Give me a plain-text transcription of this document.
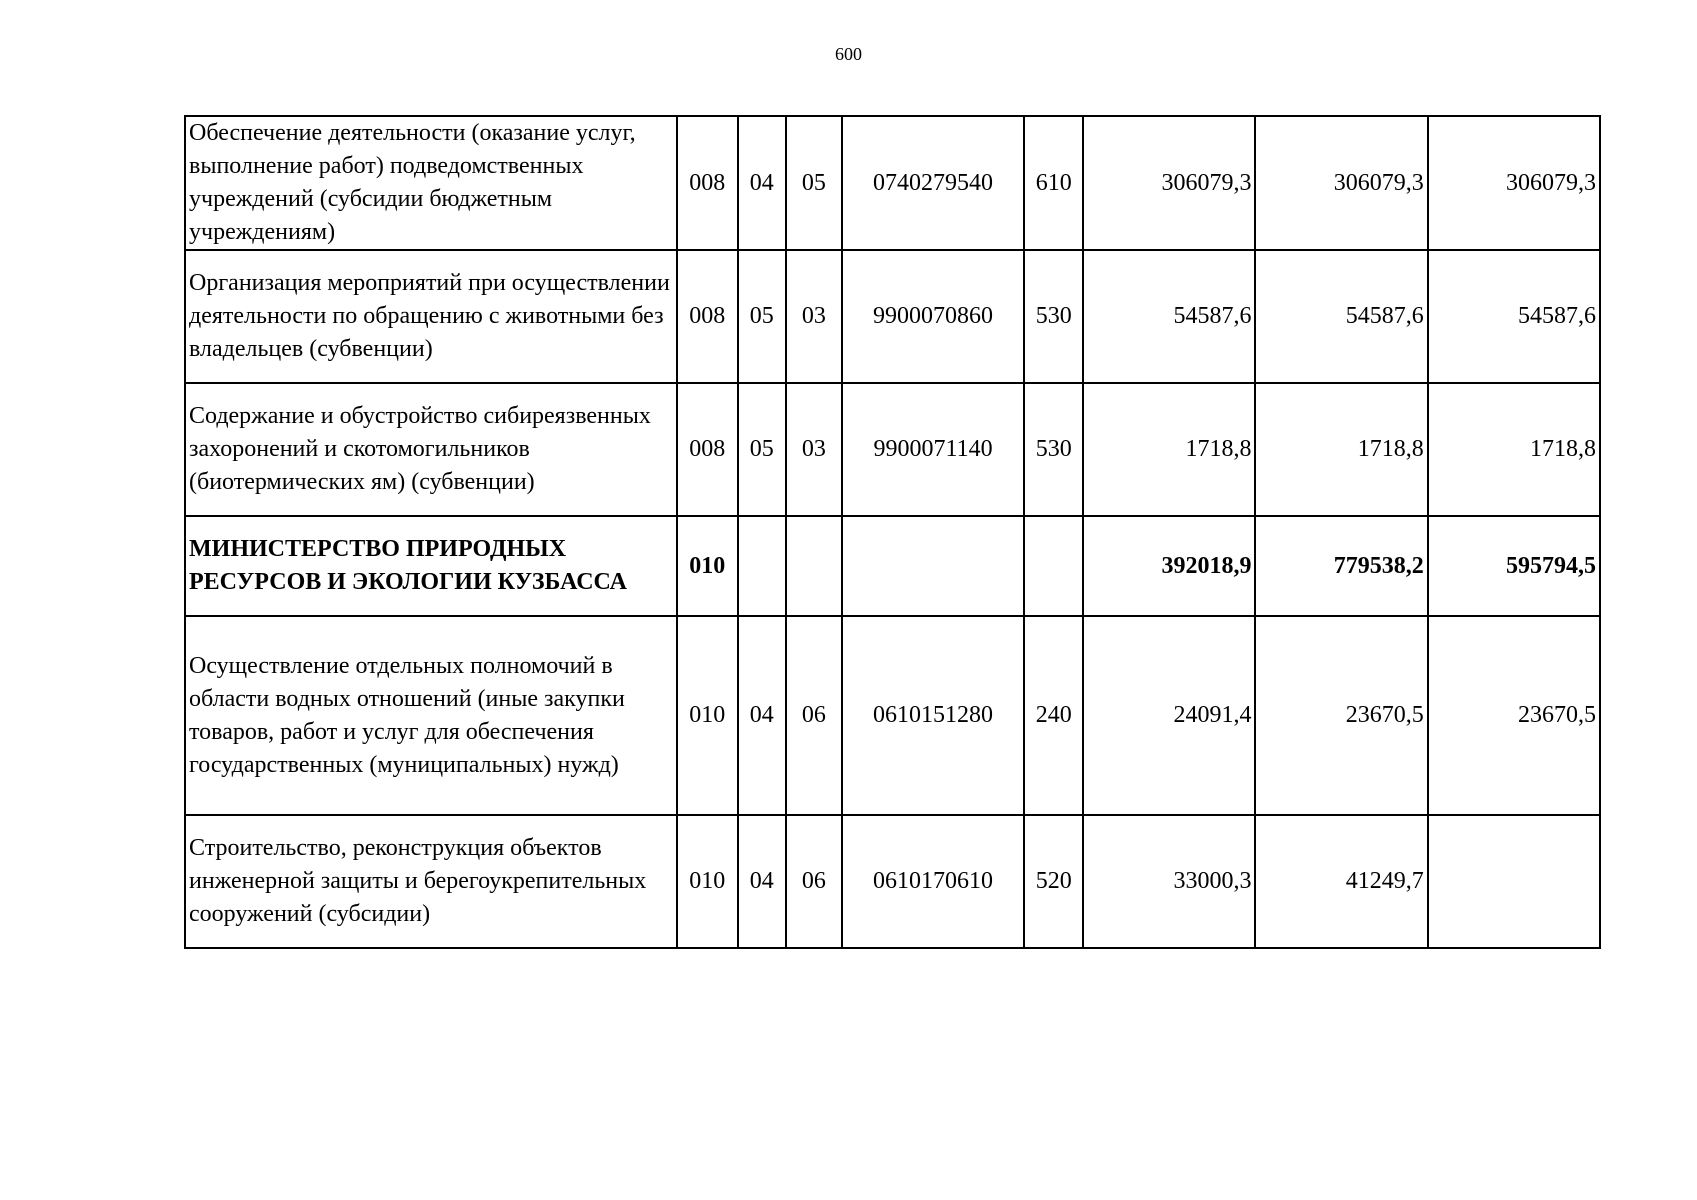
600
Обеспечение деятельности (оказание услуг, выполнение работ) подведомственных учреждений (субсидии бюджетным учреждениям)	008	04	05	0740279540	610	306079,3	306079,3	306079,3
Организация мероприятий при осуществлении деятельности по обращению с животными без владельцев (субвенции)	008	05	03	9900070860	530	54587,6	54587,6	54587,6
Содержание и обустройство сибиреязвенных захоронений и скотомогильников (биотермических ям) (субвенции)	008	05	03	9900071140	530	1718,8	1718,8	1718,8
МИНИСТЕРСТВО ПРИРОДНЫХ РЕСУРСОВ И ЭКОЛОГИИ КУЗБАССА	010					392018,9	779538,2	595794,5
Осуществление отдельных полномочий в области водных отношений (иные закупки товаров, работ и услуг для обеспечения государственных (муниципальных) нужд)	010	04	06	0610151280	240	24091,4	23670,5	23670,5
Строительство, реконструкция объектов инженерной защиты и берегоукрепительных сооружений (субсидии)	010	04	06	0610170610	520	33000,3	41249,7	
